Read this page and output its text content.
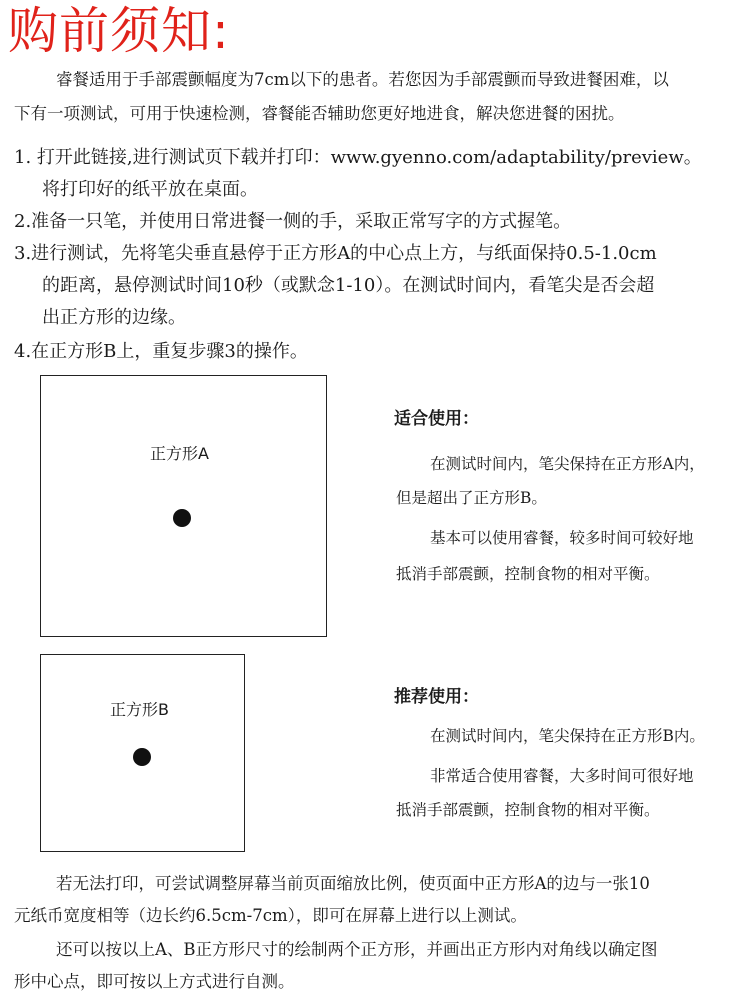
购前须知:
睿餐适用于手部震颤幅度为7cm以下的患者。若您因为手部震颤而导致进餐困难，以
下有一项测试，可用于快速检测，睿餐能否辅助您更好地进食，解决您进餐的困扰。
1. 打开此链接,进行测试页下载并打印：www.gyenno.com/adaptability/preview。
将打印好的纸平放在桌面。
2.准备一只笔，并使用日常进餐一侧的手，采取正常写字的方式握笔。
3.进行测试，先将笔尖垂直悬停于正方形A的中心点上方，与纸面保持0.5-1.0cm
的距离，悬停测试时间10秒（或默念1-10）。在测试时间内，看笔尖是否会超
出正方形的边缘。
4.在正方形B上，重复步骤3的操作。
正方形A
适合使用：
在测试时间内，笔尖保持在正方形A内，
但是超出了正方形B。
基本可以使用睿餐，较多时间可较好地
抵消手部震颤，控制食物的相对平衡。
正方形B
推荐使用：
在测试时间内，笔尖保持在正方形B内。
非常适合使用睿餐，大多时间可很好地
抵消手部震颤，控制食物的相对平衡。
若无法打印，可尝试调整屏幕当前页面缩放比例，使页面中正方形A的边与一张10
元纸币宽度相等（边长约6.5cm-7cm），即可在屏幕上进行以上测试。
还可以按以上A、B正方形尺寸的绘制两个正方形，并画出正方形内对角线以确定图
形中心点，即可按以上方式进行自测。
